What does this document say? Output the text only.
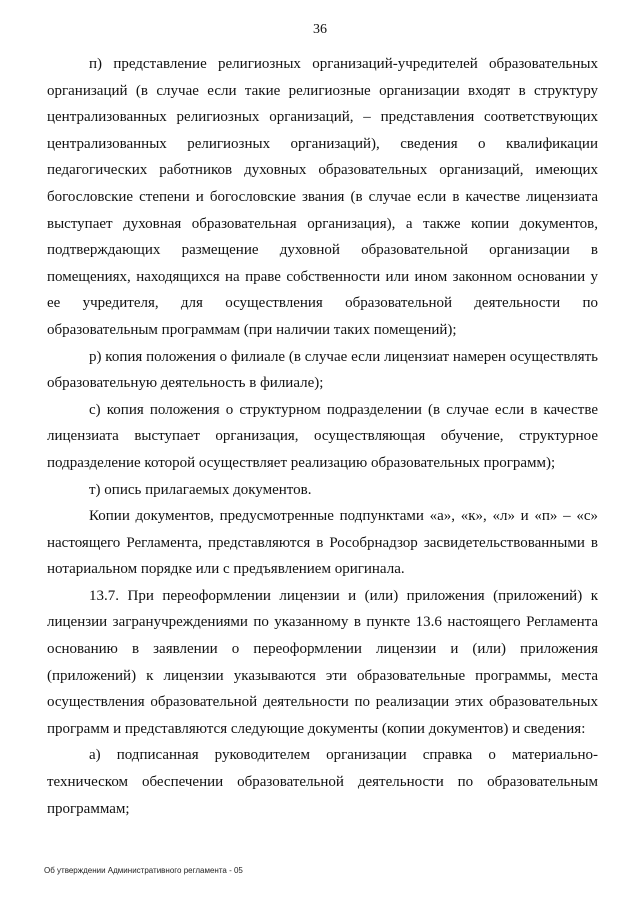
36

п) представление религиозных организаций-учредителей образовательных организаций (в случае если такие религиозные организации входят в структуру централизованных религиозных организаций, – представления соответствующих централизованных религиозных организаций), сведения о квалификации педагогических работников духовных образовательных организаций, имеющих богословские степени и богословские звания (в случае если в качестве лицензиата выступает духовная образовательная организация), а также копии документов, подтверждающих размещение духовной образовательной организации в помещениях, находящихся на праве собственности или ином законном основании у ее учредителя, для осуществления образовательной деятельности по образовательным программам (при наличии таких помещений);

р) копия положения о филиале (в случае если лицензиат намерен осуществлять образовательную деятельность в филиале);

с) копия положения о структурном подразделении (в случае если в качестве лицензиата выступает организация, осуществляющая обучение, структурное подразделение которой осуществляет реализацию образовательных программ);

т) опись прилагаемых документов.

Копии документов, предусмотренные подпунктами «а», «к», «л» и «п» – «с» настоящего Регламента, представляются в Рособрнадзор засвидетельствованными в нотариальном порядке или с предъявлением оригинала.

13.7. При переоформлении лицензии и (или) приложения (приложений) к лицензии загранучреждениями по указанному в пункте 13.6 настоящего Регламента основанию в заявлении о переоформлении лицензии и (или) приложения (приложений) к лицензии указываются эти образовательные программы, места осуществления образовательной деятельности по реализации этих образовательных программ и представляются следующие документы (копии документов) и сведения:

а) подписанная руководителем организации справка о материально-техническом обеспечении образовательной деятельности по образовательным программам;

Об утверждении Административного регламента - 05
